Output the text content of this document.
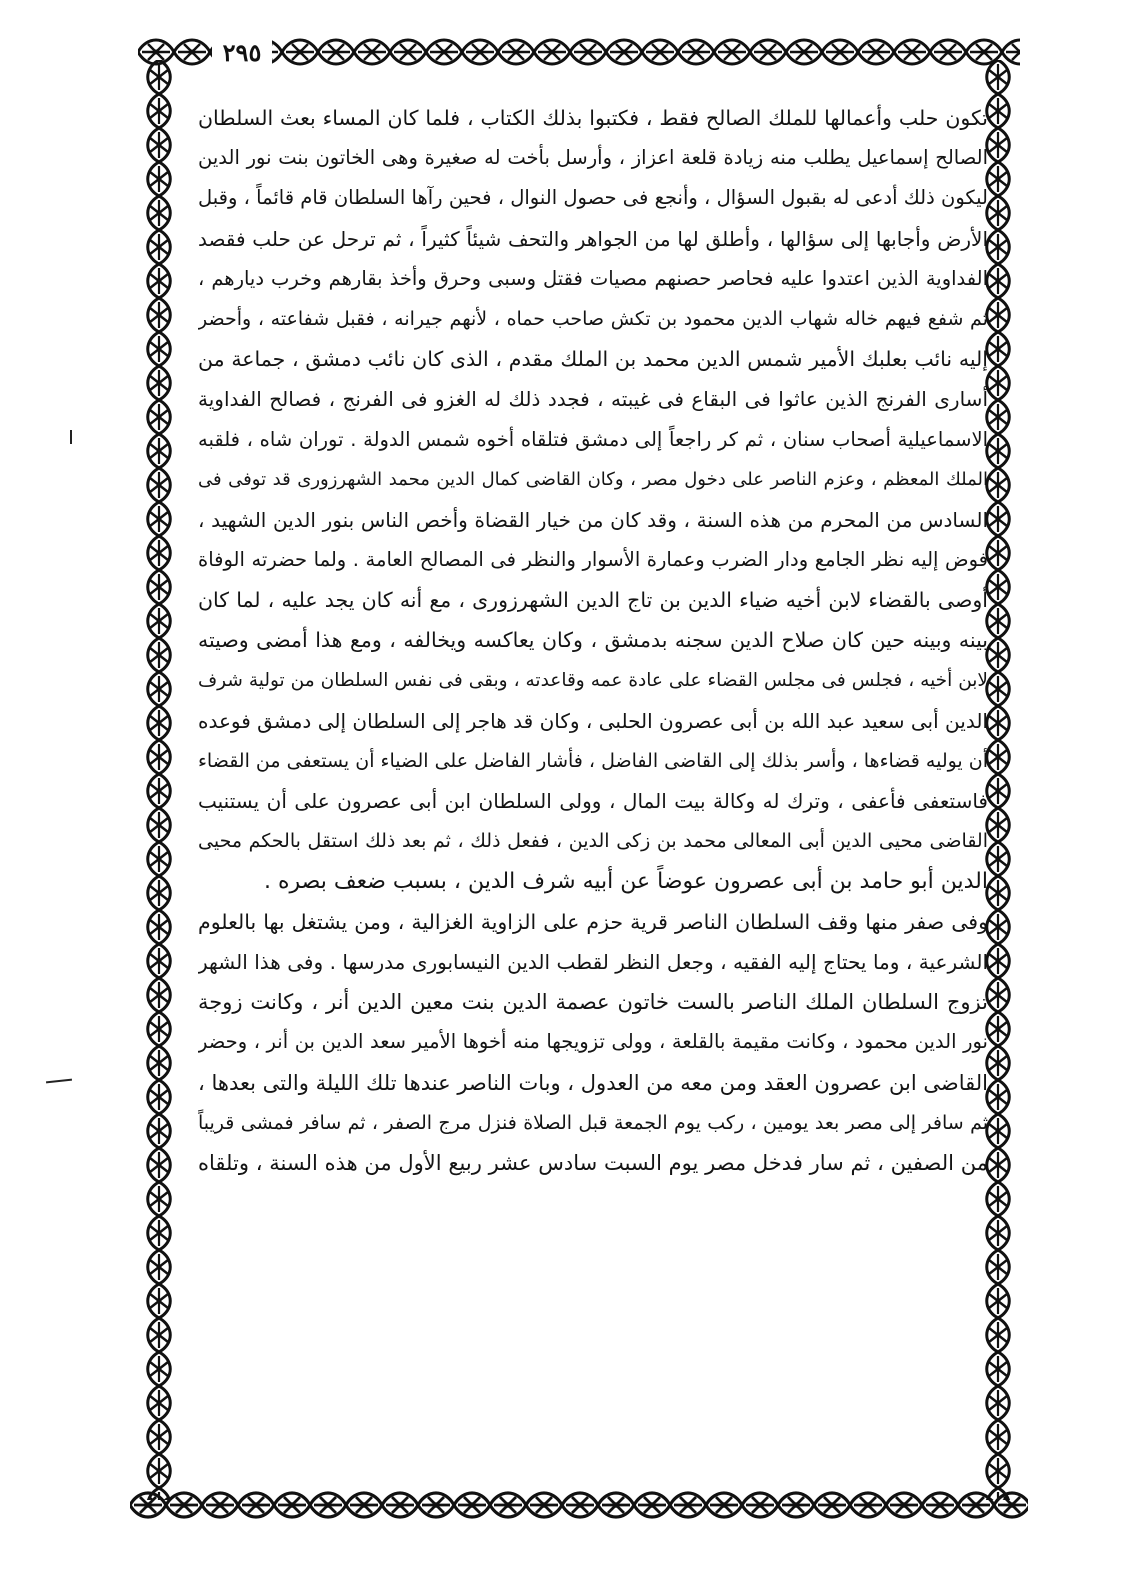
٢٩٥
تكون حلب وأعمالها للملك الصالح فقط ، فكتبوا بذلك الكتاب ، فلما كان المساء بعث السلطان
الصالح إسماعيل يطلب منه زيادة قلعة اعزاز ، وأرسل بأخت له صغيرة وهى الخاتون بنت نور الدين
ليكون ذلك أدعى له بقبول السؤال ، وأنجع فى حصول النوال ، فحين رآها السلطان قام قائماً ، وقبل
الأرض وأجابها إلى سؤالها ، وأطلق لها من الجواهر والتحف شيئاً كثيراً ، ثم ترحل عن حلب فقصد
الفداوية الذين اعتدوا عليه فحاصر حصنهم مصيات فقتل وسبى وحرق وأخذ بقارهم وخرب ديارهم ،
ثم شفع فيهم خاله شهاب الدين محمود بن تكش صاحب حماه ، لأنهم جيرانه ، فقبل شفاعته ، وأحضر
إليه نائب بعلبك الأمير شمس الدين محمد بن الملك مقدم ، الذى كان نائب دمشق ، جماعة من
أسارى الفرنج الذين عاثوا فى البقاع فى غيبته ، فجدد ذلك له الغزو فى الفرنج ، فصالح الفداوية
الاسماعيلية أصحاب سنان ، ثم كر راجعاً إلى دمشق فتلقاه أخوه شمس الدولة . توران شاه ، فلقبه
الملك المعظم ، وعزم الناصر على دخول مصر ، وكان القاضى كمال الدين محمد الشهرزورى قد توفى فى
السادس من المحرم من هذه السنة ، وقد كان من خيار القضاة وأخص الناس بنور الدين الشهيد ،
فوض إليه نظر الجامع ودار الضرب وعمارة الأسوار والنظر فى المصالح العامة . ولما حضرته الوفاة
أوصى بالقضاء لابن أخيه ضياء الدين بن تاج الدين الشهرزورى ، مع أنه كان يجد عليه ، لما كان
بينه وبينه حين كان صلاح الدين سجنه بدمشق ، وكان يعاكسه ويخالفه ، ومع هذا أمضى وصيته
لابن أخيه ، فجلس فى مجلس القضاء على عادة عمه وقاعدته ، وبقى فى نفس السلطان من تولية شرف
الدين أبى سعيد عبد الله بن أبى عصرون الحلبى ، وكان قد هاجر إلى السلطان إلى دمشق فوعده
أن يوليه قضاءها ، وأسر بذلك إلى القاضى الفاضل ، فأشار الفاضل على الضياء أن يستعفى من القضاء
فاستعفى فأعفى ، وترك له وكالة بيت المال ، وولى السلطان ابن أبى عصرون على أن يستنيب
القاضى محيى الدين أبى المعالى محمد بن زكى الدين ، ففعل ذلك ، ثم بعد ذلك استقل بالحكم محيى
الدين أبو حامد بن أبى عصرون عوضاً عن أبيه شرف الدين ، بسبب ضعف بصره .
وفى صفر منها وقف السلطان الناصر قرية حزم على الزاوية الغزالية ، ومن يشتغل بها بالعلوم
الشرعية ، وما يحتاج إليه الفقيه ، وجعل النظر لقطب الدين النيسابورى مدرسها . وفى هذا الشهر
تزوج السلطان الملك الناصر بالست خاتون عصمة الدين بنت معين الدين أنر ، وكانت زوجة
نور الدين محمود ، وكانت مقيمة بالقلعة ، وولى تزويجها منه أخوها الأمير سعد الدين بن أنر ، وحضر
القاضى ابن عصرون العقد ومن معه من العدول ، وبات الناصر عندها تلك الليلة والتى بعدها ،
ثم سافر إلى مصر بعد يومين ، ركب يوم الجمعة قبل الصلاة فنزل مرج الصفر ، ثم سافر فمشى قريباً
من الصفين ، ثم سار فدخل مصر يوم السبت سادس عشر ربيع الأول من هذه السنة ، وتلقاه
